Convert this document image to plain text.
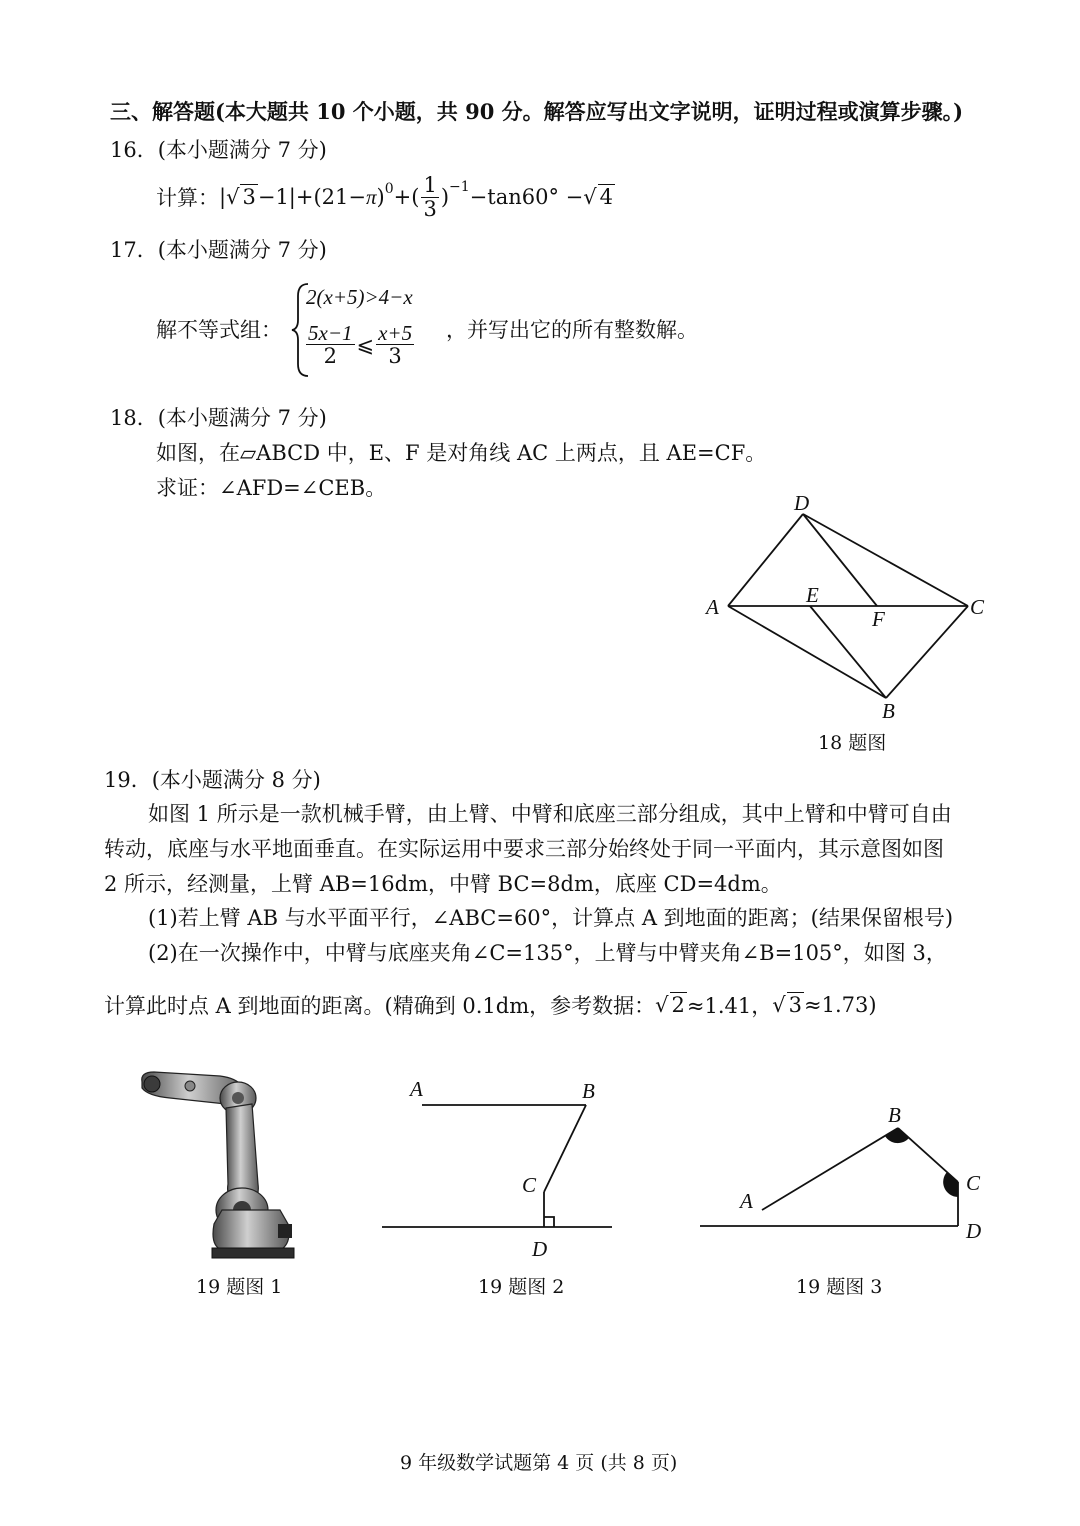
三、解答题(本大题共 10 个小题，共 90 分。解答应写出文字说明，证明过程或演算步骤。)
16．(本小题满分 7 分)
计算： | √ 3 −1|+(21− π )$^0$ +( $\frac{1}{3} )^{-1} -\tan 60^\circ$ − √ 4
17．(本小题满分 7 分)
解不等式组：
2(x+5)>4−x
$\frac{5x-1}{2}$ ⩽ $\frac{x+5}{3}$ ，并写出它的所有整数解。
18．(本小题满分 7 分)
如图，在▱ABCD 中，E、F 是对角线 AC 上两点，且 AE=CF。
求证：∠AFD=∠CEB。
D
A	E
F	C
B
18 题图
19．(本小题满分 8 分)
如图 1 所示是一款机械手臂，由上臂、中臂和底座三部分组成，其中上臂和中臂可自由
转动，底座与水平地面垂直。在实际运用中要求三部分始终处于同一平面内，其示意图如图
2 所示，经测量，上臂 AB=16dm，中臂 BC=8dm，底座 CD=4dm。
(1)若上臂 AB 与水平面平行，∠ABC=60°，计算点 A 到地面的距离；(结果保留根号)
(2)在一次操作中，中臂与底座夹角∠C=135°，上臂与中臂夹角∠B=105°，如图 3，
计算此时点 A 到地面的距离。(精确到 0.1dm，参考数据： √ 2 ≈1.41， √ 3 ≈1.73)
19 题图 1
A	B
C
D
19 题图 2
B
A
C
D
19 题图 3
9 年级数学试题第 4 页 (共 8 页)
